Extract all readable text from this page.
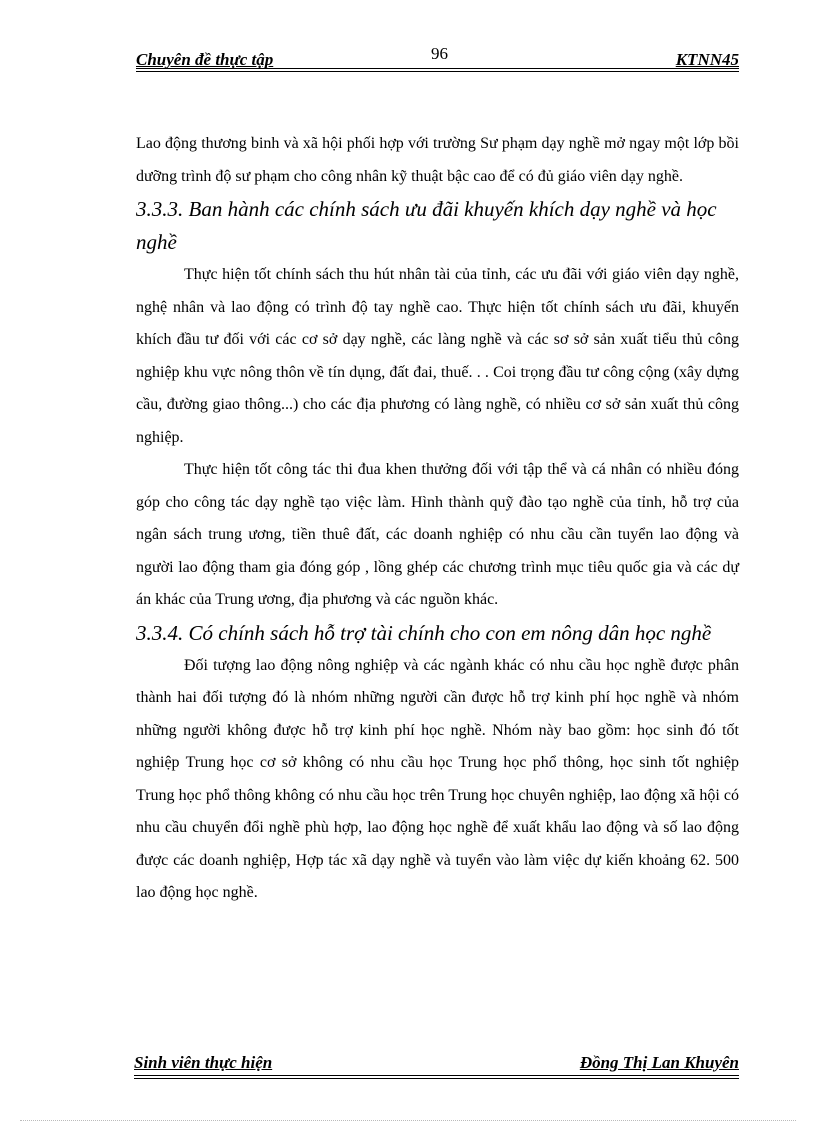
Chuyên đề thực tập	96	KTNN45

Lao động thương binh và xã hội phối hợp với trường Sư phạm dạy nghề mở ngay một lớp bồi dưỡng trình độ sư phạm cho công nhân kỹ thuật bậc cao để có đủ giáo viên dạy nghề.

3.3.3. Ban hành các chính sách ưu đãi khuyến khích dạy nghề và học nghề

Thực hiện tốt chính sách thu hút nhân tài của tỉnh, các ưu đãi với giáo viên dạy nghề, nghệ nhân và lao động có trình độ tay nghề cao. Thực hiện tốt chính sách ưu đãi, khuyến khích đầu tư đối với các cơ sở dạy nghề, các làng nghề và các sơ sở sản xuất tiểu thủ công nghiệp khu vực nông thôn về tín dụng, đất đai, thuế. . . Coi trọng đầu tư công cộng (xây dựng cầu, đường giao thông...) cho các địa phương có làng nghề, có nhiều cơ sở sản xuất thủ công nghiệp.

Thực hiện tốt công tác thi đua khen thưởng đối với tập thể và cá nhân có nhiều đóng góp cho công tác dạy nghề tạo việc làm. Hình thành quỹ đào tạo nghề của tỉnh, hỗ trợ của ngân sách trung ương, tiền thuê đất, các doanh nghiệp có nhu cầu cần tuyển lao động và người lao động tham gia đóng góp , lồng ghép các chương trình mục tiêu quốc gia và các dự án khác của Trung ương, địa phương và các nguồn khác.

3.3.4. Có chính sách hỗ trợ tài chính cho con em nông dân học nghề

Đối tượng lao động nông nghiệp và các ngành khác có nhu cầu học nghề được phân thành hai đối tượng đó là nhóm những người cần được hỗ trợ kinh phí học nghề và nhóm những người không được hỗ trợ kinh phí học nghề. Nhóm này bao gồm: học sinh đó tốt nghiệp Trung học cơ sở không có nhu cầu học Trung học phổ thông, học sinh tốt nghiệp Trung học phổ thông không có nhu cầu học trên Trung học chuyên nghiệp, lao động xã hội có nhu cầu chuyển đổi nghề phù hợp, lao động học nghề để xuất khẩu lao động và số lao động được các doanh nghiệp, Hợp tác xã dạy nghề và tuyển vào làm việc dự kiến khoảng 62. 500 lao động học nghề.

Sinh viên thực hiện	Đồng Thị Lan Khuyên
